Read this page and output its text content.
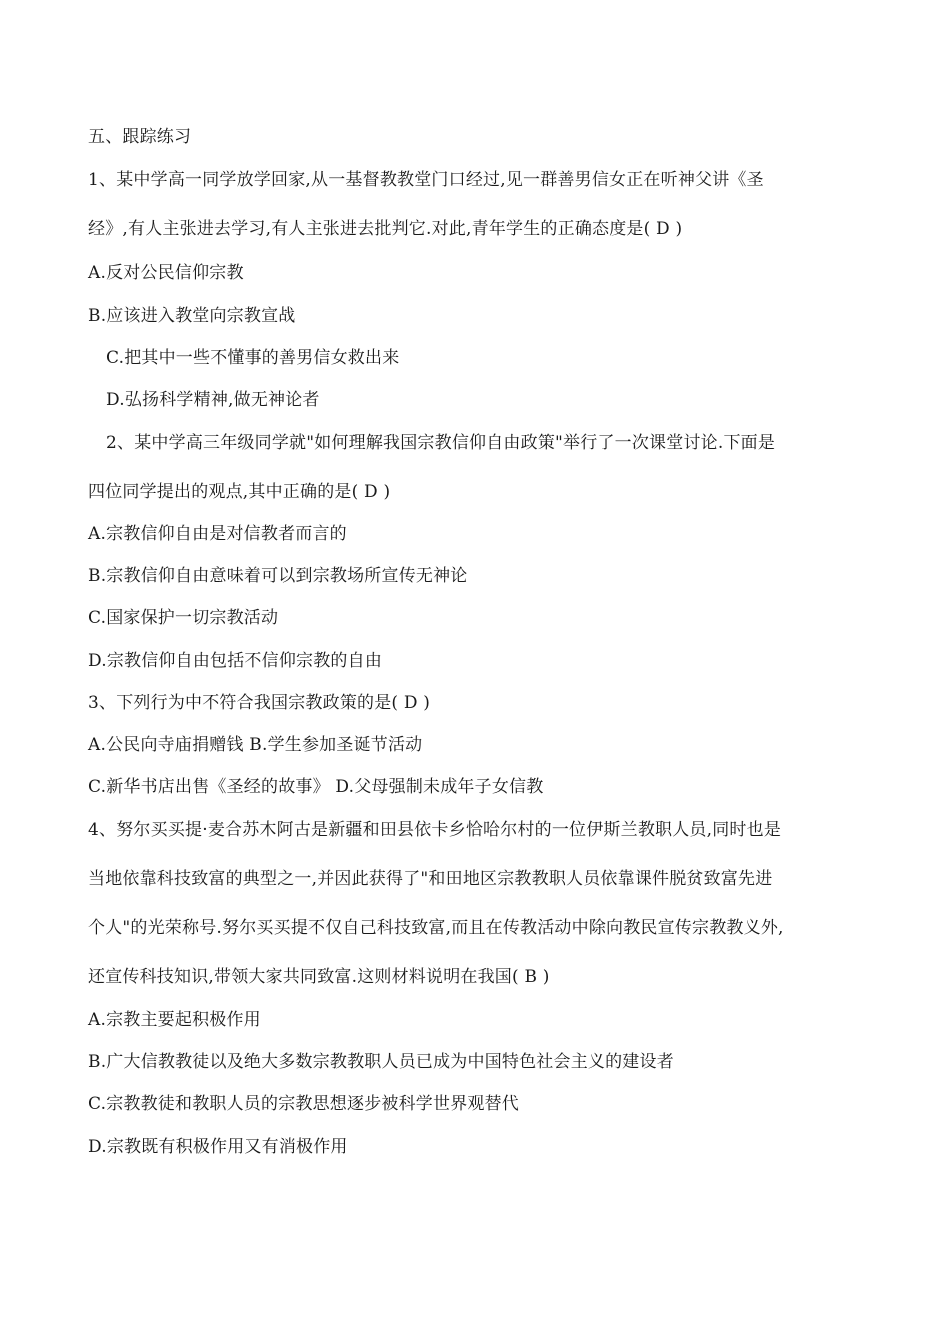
五、跟踪练习
1、某中学高一同学放学回家,从一基督教教堂门口经过,见一群善男信女正在听神父讲《圣
经》,有人主张进去学习,有人主张进去批判它.对此,青年学生的正确态度是( D )
A.反对公民信仰宗教
B.应该进入教堂向宗教宣战
C.把其中一些不懂事的善男信女救出来
D.弘扬科学精神,做无神论者
2、某中学高三年级同学就"如何理解我国宗教信仰自由政策"举行了一次课堂讨论.下面是
四位同学提出的观点,其中正确的是( D )
A.宗教信仰自由是对信教者而言的
B.宗教信仰自由意味着可以到宗教场所宣传无神论
C.国家保护一切宗教活动
D.宗教信仰自由包括不信仰宗教的自由
3、下列行为中不符合我国宗教政策的是( D )
A.公民向寺庙捐赠钱 B.学生参加圣诞节活动
C.新华书店出售《圣经的故事》 D.父母强制未成年子女信教
4、努尔买买提·麦合苏木阿古是新疆和田县依卡乡恰哈尔村的一位伊斯兰教职人员,同时也是
当地依靠科技致富的典型之一,并因此获得了"和田地区宗教教职人员依靠课件脱贫致富先进
个人"的光荣称号.努尔买买提不仅自己科技致富,而且在传教活动中除向教民宣传宗教教义外,
还宣传科技知识,带领大家共同致富.这则材料说明在我国( B )
A.宗教主要起积极作用
B.广大信教教徒以及绝大多数宗教教职人员已成为中国特色社会主义的建设者
C.宗教教徒和教职人员的宗教思想逐步被科学世界观替代
D.宗教既有积极作用又有消极作用
